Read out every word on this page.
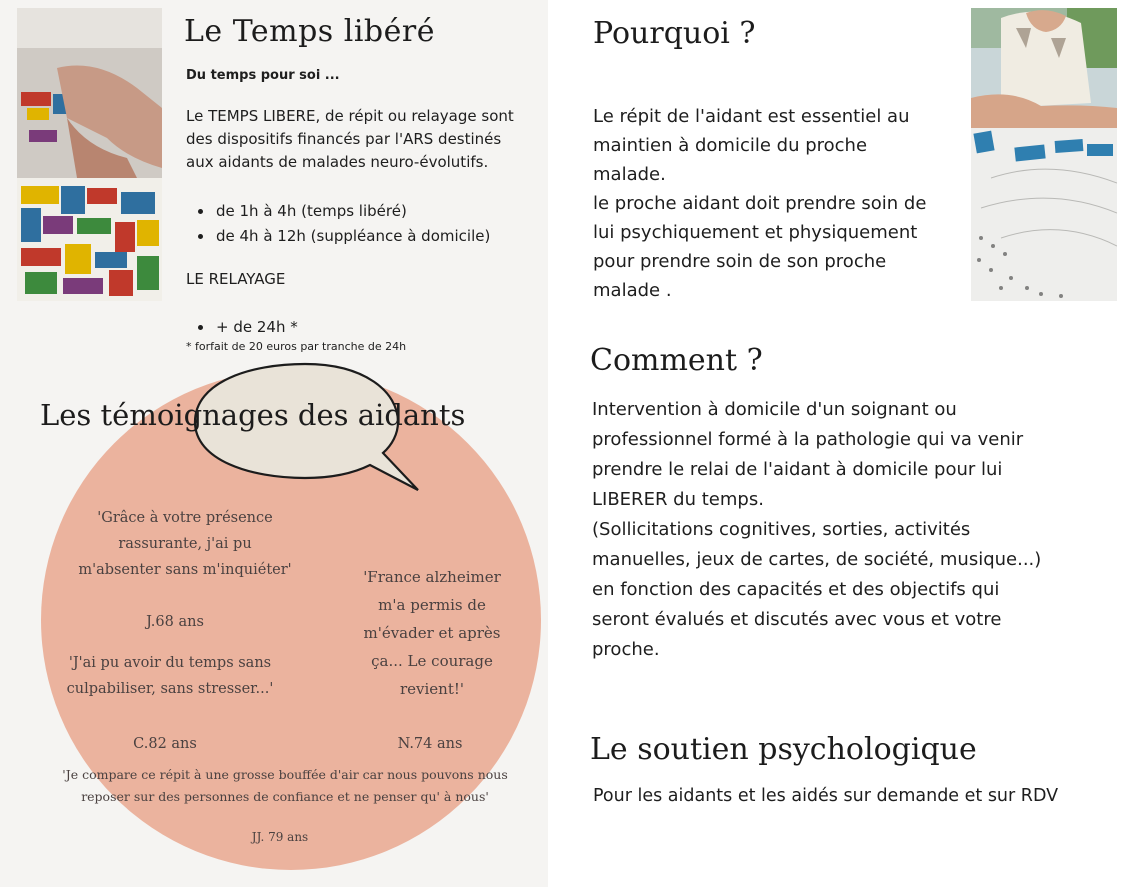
Le Temps libéré
Du temps pour soi ...
Le TEMPS LIBERE, de répit ou relayage sont
des dispositifs financés par l'ARS destinés
aux aidants de malades neuro-évolutifs.
• de 1h à 4h (temps libéré)
• de 4h à 12h (suppléance à domicile)
LE RELAYAGE
• + de 24h *
* forfait de 20 euros par tranche de 24h
Les témoignages des aidants
'Grâce à votre présence
rassurante, j'ai pu
m'absenter sans m'inquiéter'
J.68 ans
'France alzheimer
m'a permis de
m'évader et après
ça... Le courage
revient!'
'J'ai pu avoir du temps sans
culpabiliser, sans stresser...'
C.82 ans	N.74 ans
'Je compare ce répit à une grosse bouffée d'air car nous pouvons nous
reposer sur des personnes de confiance et ne penser qu' à nous'
JJ. 79 ans
Pourquoi ?
Le répit de l'aidant est essentiel au
maintien à domicile du proche
malade.
le proche aidant doit prendre soin de
lui psychiquement et physiquement
pour prendre soin de son proche
malade .
Comment ?
Intervention à domicile d'un soignant ou
professionnel formé à la pathologie qui va venir
prendre le relai de l'aidant à domicile pour lui
LIBERER du temps.
(Sollicitations cognitives, sorties, activités
manuelles, jeux de cartes, de société, musique...)
en fonction des capacités et des objectifs qui
seront évalués et discutés avec vous et votre
proche.
Le soutien psychologique
Pour les aidants et les aidés sur demande et sur RDV
